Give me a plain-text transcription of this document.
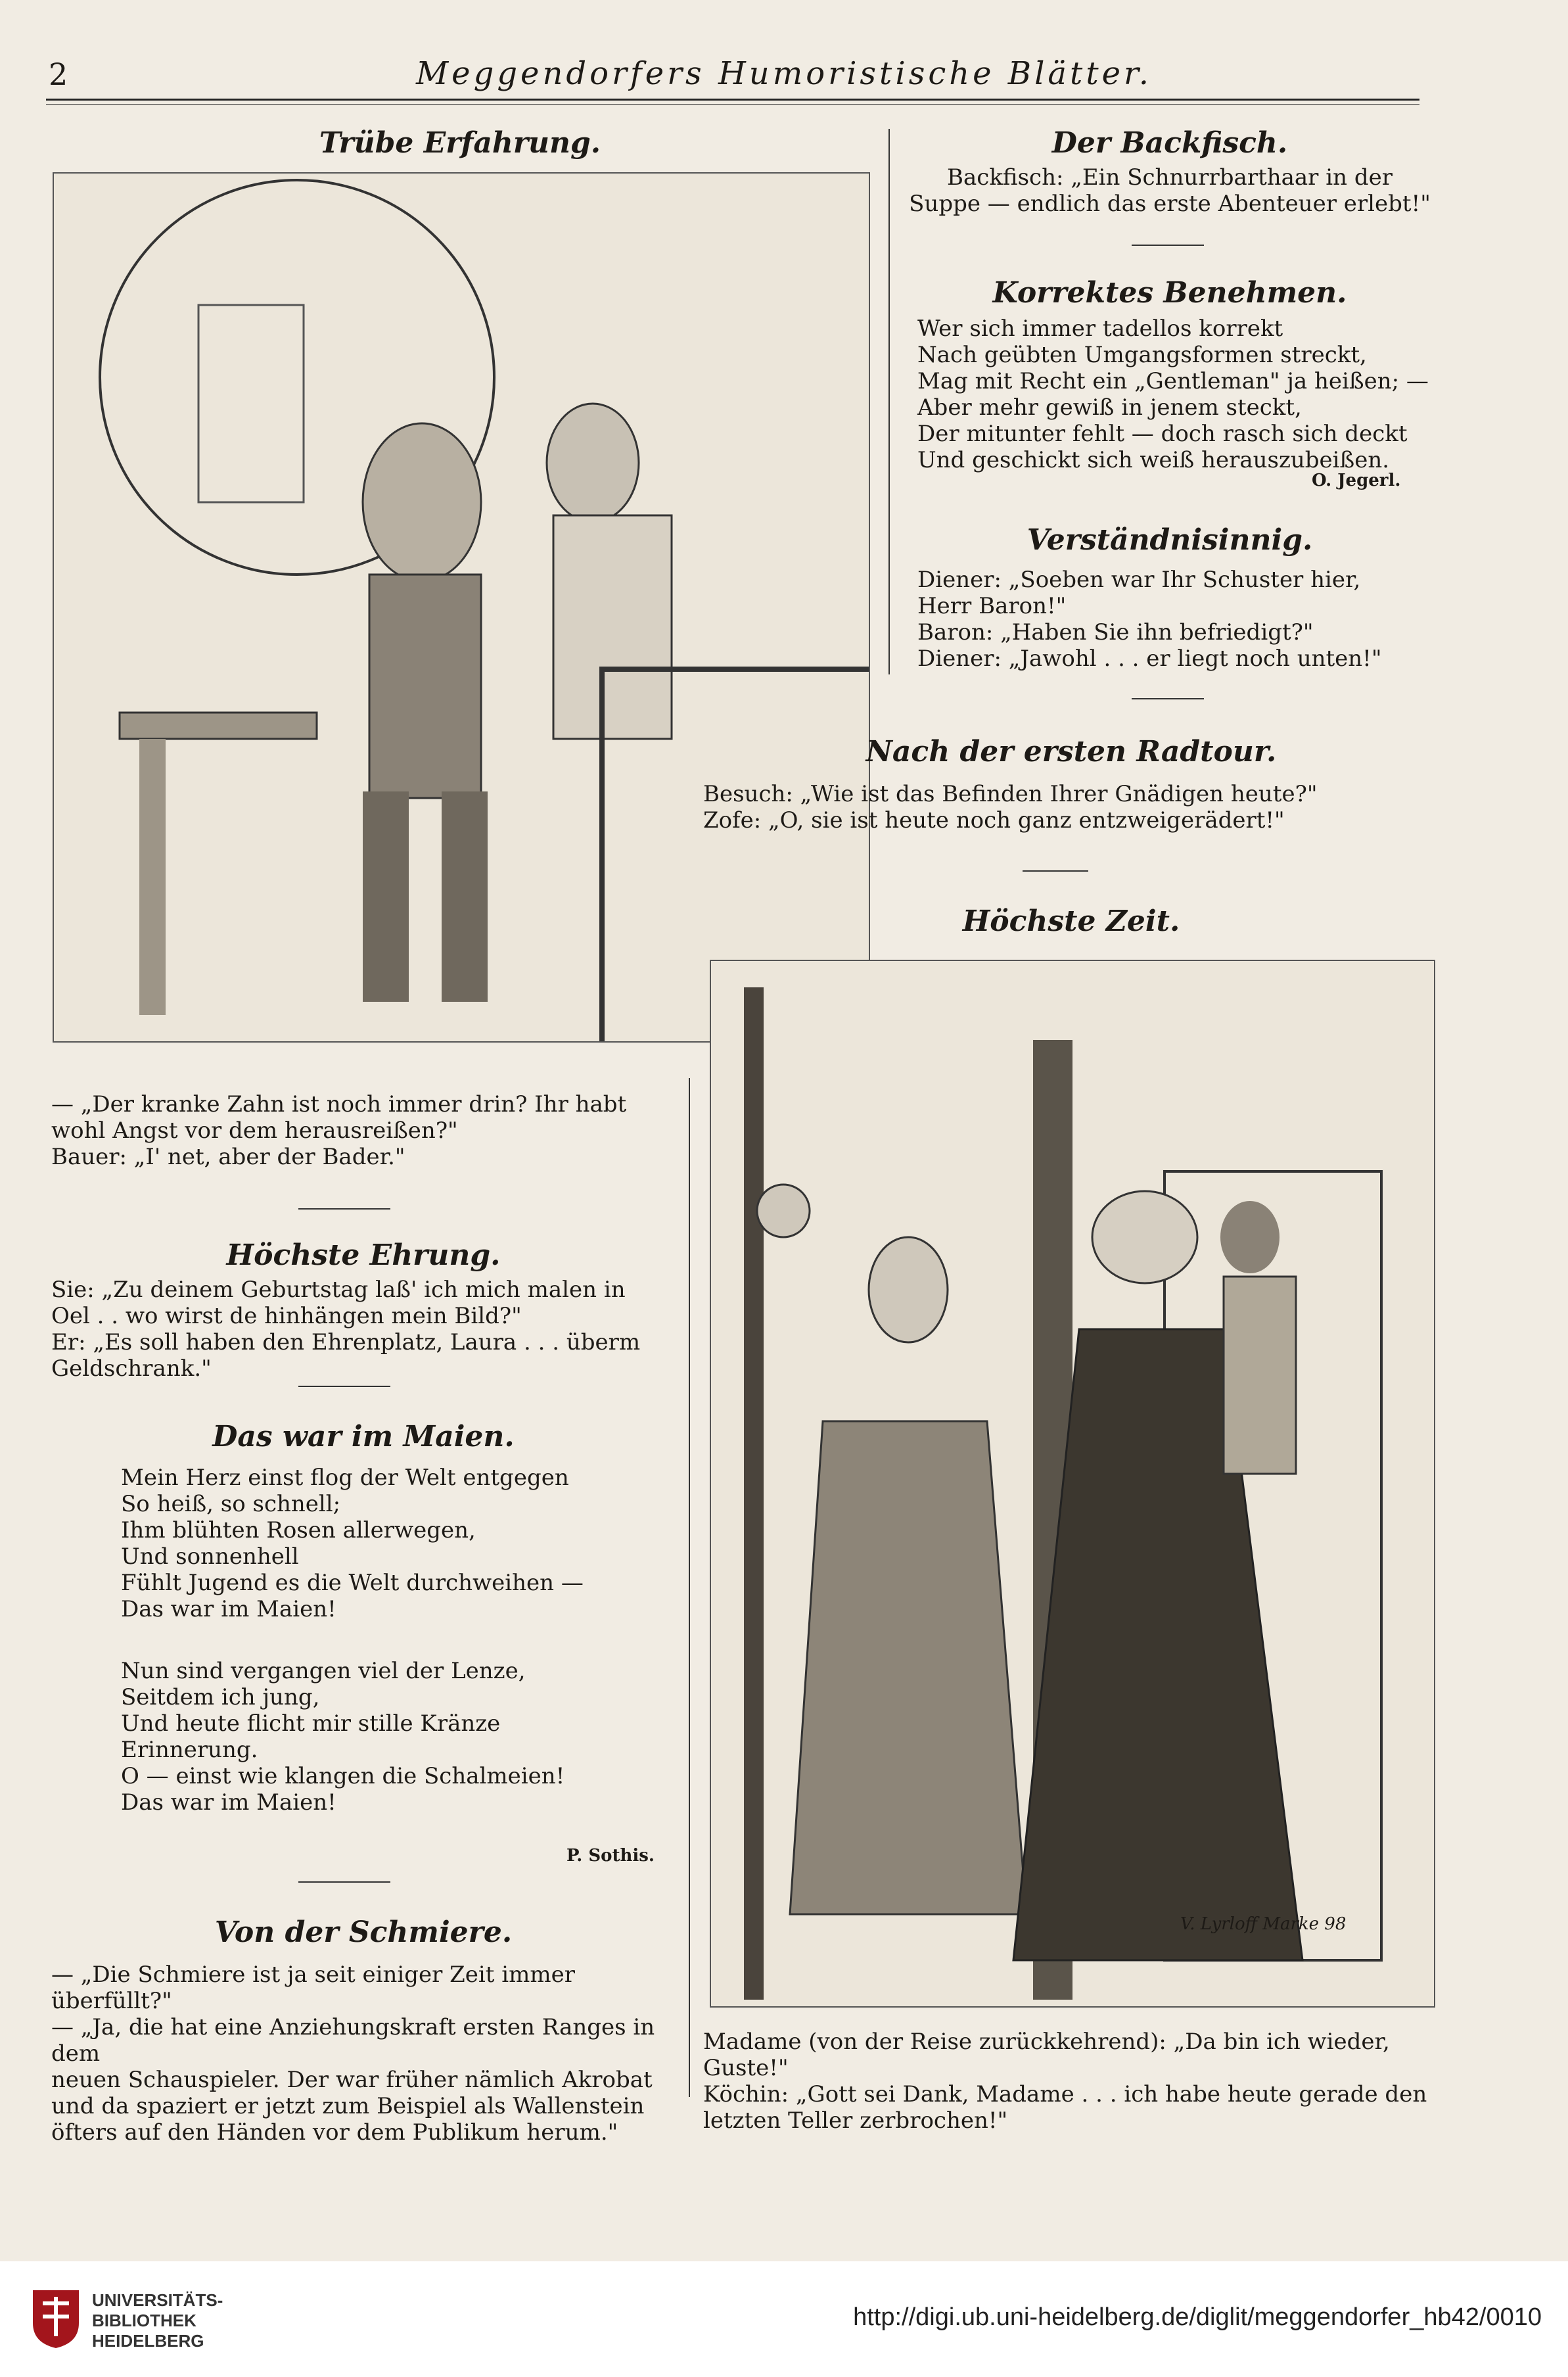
2	Meggendorfers Humoristische Blätter.
Trübe Erfahrung.
— „Der kranke Zahn ist noch immer drin? Ihr habt
wohl Angst vor dem herausreißen?"
Bauer: „I' net, aber der Bader."
Höchste Ehrung.
Sie: „Zu deinem Geburtstag laß' ich mich malen in
Oel . . wo wirst de hinhängen mein Bild?"
Er: „Es soll haben den Ehrenplatz, Laura . . . überm
Geldschrank."
Das war im Maien.
Mein Herz einst flog der Welt entgegen
So heiß, so schnell;
Ihm blühten Rosen allerwegen,
Und sonnenhell
Fühlt Jugend es die Welt durchweihen —
Das war im Maien!
Nun sind vergangen viel der Lenze,
Seitdem ich jung,
Und heute flicht mir stille Kränze
Erinnerung.
O — einst wie klangen die Schalmeien!
Das war im Maien!
P. Sothis.
Von der Schmiere.
— „Die Schmiere ist ja seit einiger Zeit immer überfüllt?"
— „Ja, die hat eine Anziehungskraft ersten Ranges in dem
neuen Schauspieler. Der war früher nämlich Akrobat
und da spaziert er jetzt zum Beispiel als Wallenstein
öfters auf den Händen vor dem Publikum herum."
Der Backfisch.
Backfisch: „Ein Schnurrbarthaar in der
Suppe — endlich das erste Abenteuer erlebt!"
Korrektes Benehmen.
Wer sich immer tadellos korrekt
Nach geübten Umgangsformen streckt,
Mag mit Recht ein „Gentleman" ja heißen; —
Aber mehr gewiß in jenem steckt,
Der mitunter fehlt — doch rasch sich deckt
Und geschickt sich weiß herauszubeißen.
O. Jegerl.
Verständnisinnig.
Diener: „Soeben war Ihr Schuster hier,
Herr Baron!"
Baron: „Haben Sie ihn befriedigt?"
Diener: „Jawohl . . . er liegt noch unten!"
Nach der ersten Radtour.
Besuch: „Wie ist das Befinden Ihrer Gnädigen heute?"
Zofe: „O, sie ist heute noch ganz entzweigerädert!"
Höchste Zeit.
V. Lyrloff Marke 98
Madame (von der Reise zurückkehrend): „Da bin ich wieder, Guste!"
Köchin: „Gott sei Dank, Madame . . . ich habe heute gerade den
letzten Teller zerbrochen!"
UNIVERSITÄTS-
BIBLIOTHEK
HEIDELBERG
http://digi.ub.uni-heidelberg.de/diglit/meggendorfer_hb42/0010
